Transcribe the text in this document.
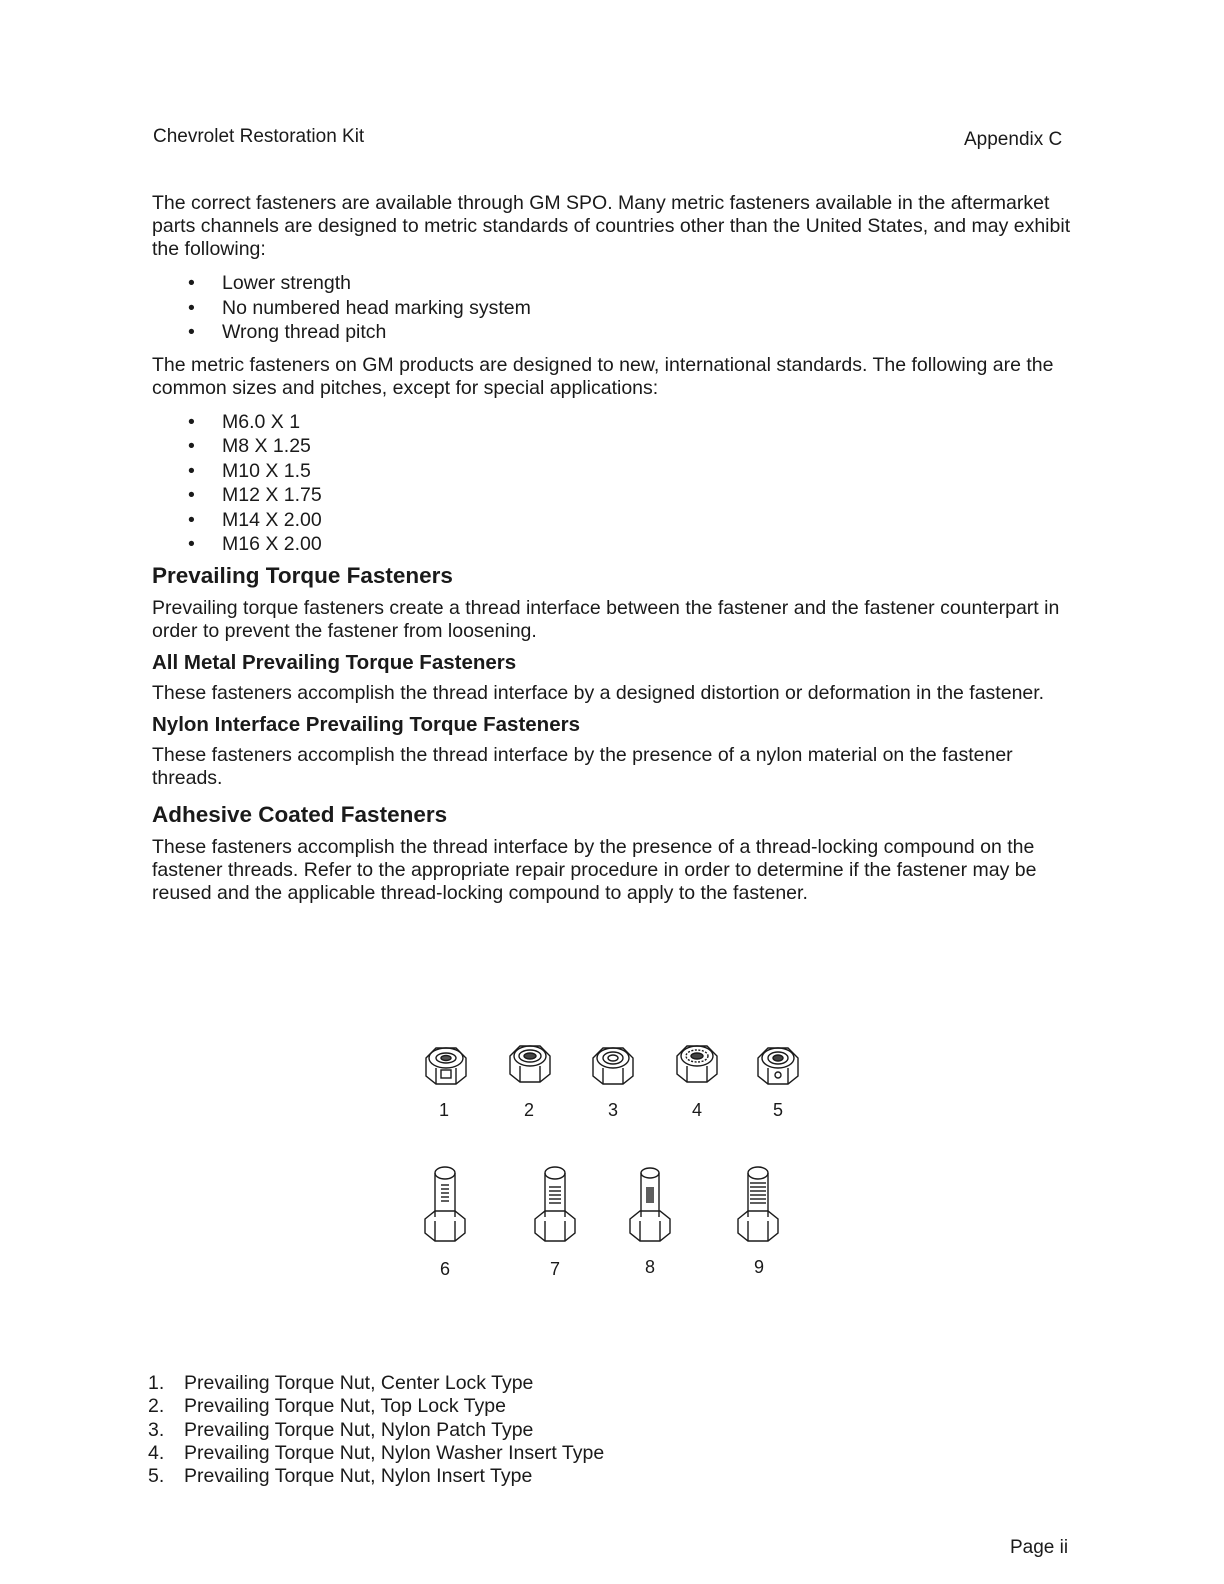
Chevrolet Restoration Kit	Appendix C

The correct fasteners are available through GM SPO. Many metric fasteners available in the aftermarket parts channels are designed to metric standards of countries other than the United States, and may exhibit the following:

• Lower strength
• No numbered head marking system
• Wrong thread pitch

The metric fasteners on GM products are designed to new, international standards. The following are the common sizes and pitches, except for special applications:

• M6.0 X 1
• M8 X 1.25
• M10 X 1.5
• M12 X 1.75
• M14 X 2.00
• M16 X 2.00
Prevailing Torque Fasteners

Prevailing torque fasteners create a thread interface between the fastener and the fastener counterpart in order to prevent the fastener from loosening.

All Metal Prevailing Torque Fasteners

These fasteners accomplish the thread interface by a designed distortion or deformation in the fastener.

Nylon Interface Prevailing Torque Fasteners

These fasteners accomplish the thread interface by the presence of a nylon material on the fastener threads.

Adhesive Coated Fasteners

These fasteners accomplish the thread interface by the presence of a thread-locking compound on the fastener threads. Refer to the appropriate repair procedure in order to determine if the fastener may be reused and the applicable thread-locking compound to apply to the fastener.

1	2	3	4	5
6	7	8	9
1. Prevailing Torque Nut, Center Lock Type
2. Prevailing Torque Nut, Top Lock Type
3. Prevailing Torque Nut, Nylon Patch Type
4. Prevailing Torque Nut, Nylon Washer Insert Type
5. Prevailing Torque Nut, Nylon Insert Type
Page ii
